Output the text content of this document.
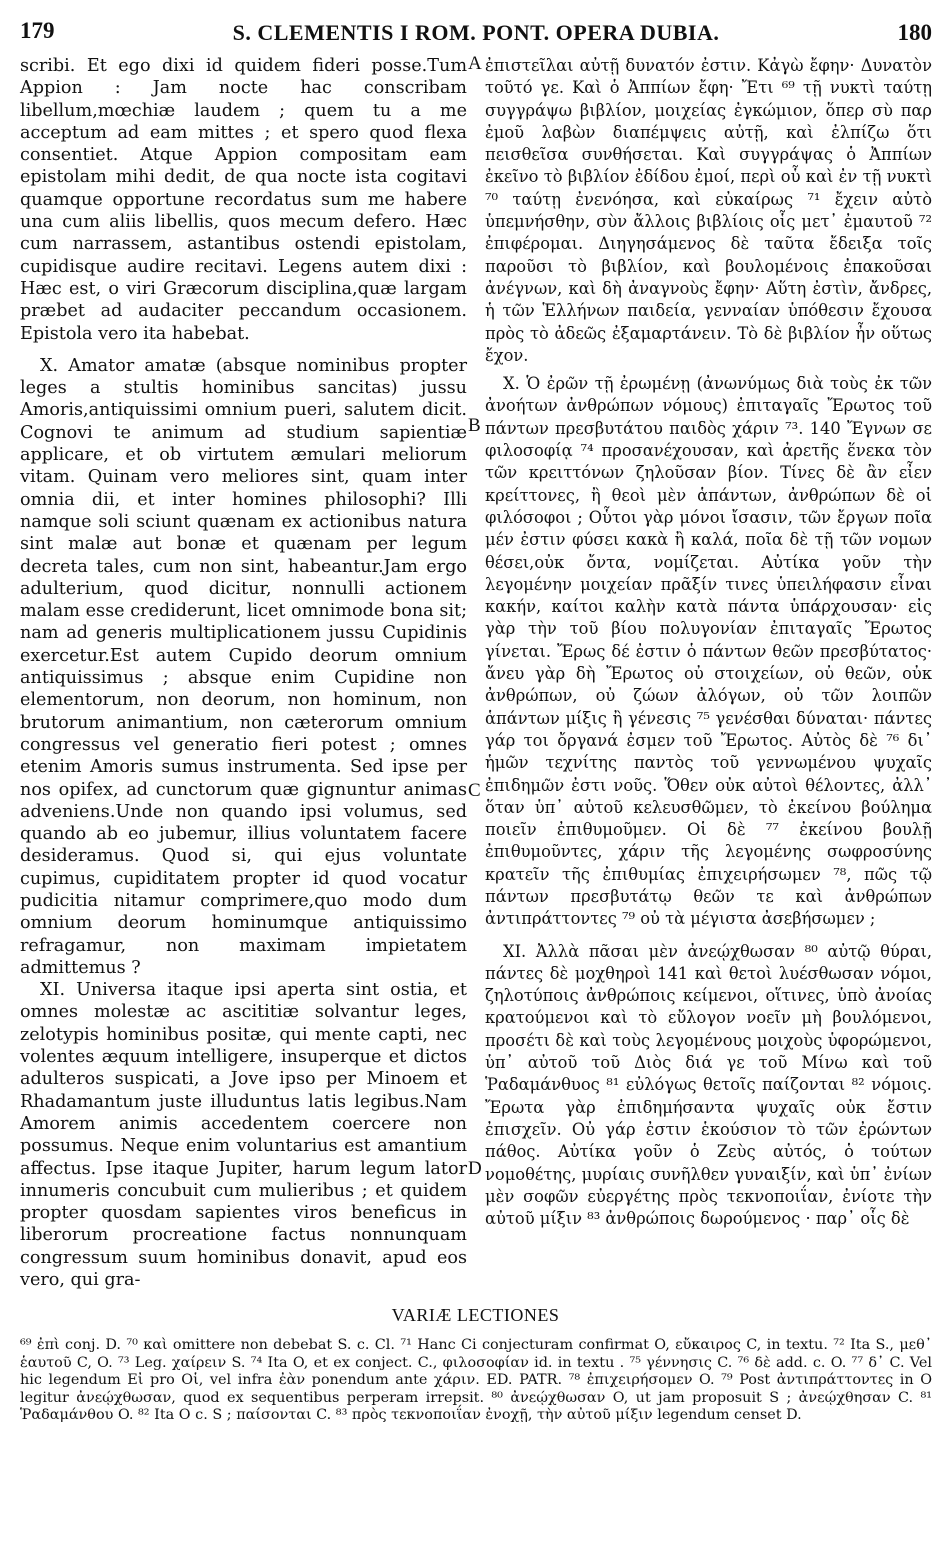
179	S. CLEMENTIS I ROM. PONT. OPERA DUBIA.	180

scribi. Et ego dixi id quidem fideri posse.Tum Appion : Jam nocte hac conscribam libellum,mœchiæ laudem ; quem tu a me acceptum ad eam mittes ; et spero quod flexa consentiet. Atque Appion compositam eam epistolam mihi dedit, de qua nocte ista cogitavi quamque opportune recordatus sum me habere una cum aliis libellis, quos mecum defero. Hæc cum narrassem, astantibus ostendi epistolam, cupidisque audire recitavi. Legens autem dixi : Hæc est, o viri Græcorum disciplina,quæ largam præbet ad audaciter peccandum occasionem. Epistola vero ita habebat.

X. Amator amatæ (absque nominibus propter leges a stultis hominibus sancitas) jussu Amoris,antiquissimi omnium pueri, salutem dicit. Cognovi te animum ad studium sapientiæ applicare, et ob virtutem æmulari meliorum vitam. Quinam vero meliores sint, quam inter omnia dii, et inter homines philosophi? Illi namque soli sciunt quænam ex actionibus natura sint malæ aut bonæ et quænam per legum decreta tales, cum non sint, habeantur.Jam ergo adulterium, quod dicitur, nonnulli actionem malam esse crediderunt, licet omnimode bona sit; nam ad generis multiplicationem jussu Cupidinis exercetur.Est autem Cupido deorum omnium antiquissimus ; absque enim Cupidine non elementorum, non deorum, non hominum, non brutorum animantium, non cæterorum omnium congressus vel generatio fieri potest ; omnes etenim Amoris sumus instrumenta. Sed ipse per nos opifex, ad cunctorum quæ gignuntur animas adveniens.Unde non quando ipsi volumus, sed quando ab eo jubemur, illius voluntatem facere desideramus. Quod si, qui ejus voluntate cupimus, cupiditatem propter id quod vocatur pudicitia nitamur comprimere,quo modo dum omnium deorum hominumque antiquissimo refragamur, non maximam impietatem admittemus ?

XI. Universa itaque ipsi aperta sint ostia, et omnes molestæ ac ascititiæ solvantur leges, zelotypis hominibus positæ, qui mente capti, nec volentes æquum intelligere, insuperque et dictos adulteros suspicati, a Jove ipso per Minoem et Rhadamantum juste illuduntus latis legibus.Nam Amorem animis accedentem coercere non possumus. Neque enim voluntarius est amantium affectus. Ipse itaque Jupiter, harum legum lator innumeris concubuit cum mulieribus ; et quidem propter quosdam sapientes viros beneficus in liberorum procreatione factus nonnunquam congressum suum hominibus donavit, apud eos vero, qui gra-

A
B
C
D

ἐπιστεῖλαι αὐτῇ δυνατόν ἐστιν. Κἀγὼ ἔφην· Δυνατὸν τοῦτό γε. Καὶ ὁ Ἀππίων ἔφη· Ἔτι ⁶⁹ τῇ νυκτὶ ταύτῃ συγγράψω βιβλίον, μοιχείας ἐγκώμιον, ὅπερ σὺ παρ ἐμοῦ λαβὼν διαπέμψεις αὐτῇ, καὶ ἐλπίζω ὅτι πεισθεῖσα συνθήσεται. Καὶ συγγράψας ὁ Ἀππίων ἐκεῖνο τὸ βιβλίον ἐδίδου ἐμοί, περὶ οὗ καὶ ἐν τῇ νυκτὶ ⁷⁰ ταύτῃ ἐνενόησα, καὶ εὐκαίρως ⁷¹ ἔχειν αὐτὸ ὑπεμνήσθην, σὺν ἄλλοις βιβλίοις οἷς μετ᾽ ἐμαυτοῦ ⁷² ἐπιφέρομαι. Διηγησάμενος δὲ ταῦτα ἔδειξα τοῖς παροῦσι τὸ βιβλίον, καὶ βουλομένοις ἐπακοῦσαι ἀνέγνων, καὶ δὴ ἀναγνοὺς ἔφην· Αὕτη ἐστὶν, ἄνδρες, ἡ τῶν Ἑλλήνων παιδεία, γενναίαν ὑπόθεσιν ἔχουσα πρὸς τὸ ἀδεῶς ἐξαμαρτάνειν. Τὸ δὲ βιβλίον ἦν οὕτως ἔχον.

X. Ὁ ἐρῶν τῇ ἐρωμένῃ (ἀνωνύμως διὰ τοὺς ἐκ τῶν ἀνοήτων ἀνθρώπων νόμους) ἐπιταγαῖς Ἔρωτος τοῦ πάντων πρεσβυτάτου παιδὸς χάριν ⁷³. 140 Ἔγνων σε φιλοσοφίᾳ ⁷⁴ προσανέχουσαν, καὶ ἀρετῆς ἕνεκα τὸν τῶν κρειττόνων ζηλοῦσαν βίον. Τίνες δὲ ἂν εἶεν κρείττονες, ἢ θεοὶ μὲν ἁπάντων, ἀνθρώπων δὲ οἱ φιλόσοφοι ; Οὗτοι γὰρ μόνοι ἴσασιν, τῶν ἔργων ποῖα μέν ἐστιν φύσει κακὰ ἢ καλά, ποῖα δὲ τῇ τῶν νομων θέσει,οὐκ ὄντα, νομίζεται. Αὐτίκα γοῦν τὴν λεγομένην μοιχείαν πρᾶξίν τινες ὑπειλήφασιν εἶναι κακήν, καίτοι καλὴν κατὰ πάντα ὑπάρχουσαν· εἰς γὰρ τὴν τοῦ βίου πολυγονίαν ἐπιταγαῖς Ἔρωτος γίνεται. Ἔρως δέ ἐστιν ὁ πάντων θεῶν πρεσβύτατος· ἄνευ γὰρ δὴ Ἔρωτος οὐ στοιχείων, οὐ θεῶν, οὐκ ἀνθρώπων, οὐ ζώων ἀλόγων, οὐ τῶν λοιπῶν ἁπάντων μίξις ἢ γένεσις ⁷⁵ γενέσθαι δύναται· πάντες γάρ τοι ὄργανά ἐσμεν τοῦ Ἔρωτος. Αὐτὸς δὲ ⁷⁶ δι᾽ ἡμῶν τεχνίτης παντὸς τοῦ γεννωμένου ψυχαῖς ἐπιδημῶν ἐστι νοῦς. Ὅθεν οὐκ αὐτοὶ θέλοντες, ἀλλ᾽ ὅταν ὑπ᾽ αὐτοῦ κελευσθῶμεν, τὸ ἐκείνου βούλημα ποιεῖν ἐπιθυμοῦμεν. Οἱ δὲ ⁷⁷ ἐκείνου βουλῇ ἐπιθυμοῦντες, χάριν τῆς λεγομένης σωφροσύνης κρατεῖν τῆς ἐπιθυμίας ἐπιχειρήσωμεν ⁷⁸, πῶς τῷ πάντων πρεσβυτάτῳ θεῶν τε καὶ ἀνθρώπων ἀντιπράττοντες ⁷⁹ οὐ τὰ μέγιστα ἀσεβήσωμεν ;

XI. Ἀλλὰ πᾶσαι μὲν ἀνεῴχθωσαν ⁸⁰ αὐτῷ θύραι, πάντες δὲ μοχθηροὶ 141 καὶ θετοὶ λυέσθωσαν νόμοι, ζηλοτύποις ἀνθρώποις κείμενοι, οἵτινες, ὑπὸ ἀνοίας κρατούμενοι καὶ τὸ εὔλογον νοεῖν μὴ βουλόμενοι, προσέτι δὲ καὶ τοὺς λεγομένους μοιχοὺς ὑφορώμενοι, ὑπ᾽ αὐτοῦ τοῦ Διὸς διά γε τοῦ Μίνω καὶ τοῦ Ῥαδαμάνθυος ⁸¹ εὐλόγως θετοῖς παίζονται ⁸² νόμοις. Ἔρωτα γὰρ ἐπιδημήσαντα ψυχαῖς οὐκ ἔστιν ἐπισχεῖν. Οὐ γάρ ἐστιν ἑκούσιον τὸ τῶν ἐρώντων πάθος. Αὐτίκα γοῦν ὁ Ζεὺς αὐτός, ὁ τούτων νομοθέτης, μυρίαις συνῆλθεν γυναιξίν, καὶ ὑπ᾽ ἐνίων μὲν σοφῶν εὐεργέτης πρὸς τεκνοποιΐαν, ἐνίοτε τὴν αὐτοῦ μίξιν ⁸³ ἀνθρώποις δωρούμενος · παρ᾽ οἷς δὲ

VARIÆ LECTIONES

⁶⁹ ἐπὶ conj. D. ⁷⁰ καὶ omittere non debebat S. c. Cl. ⁷¹ Hanc Ci conjecturam confirmat O, εὔκαιρος C, in textu. ⁷² Ita S., μεθ᾽ ἑαυτοῦ C, O. ⁷³ Leg. χαίρειν S. ⁷⁴ Ita O, et ex conject. C., φιλοσοφίαν id. in textu . ⁷⁵ γέννησις C. ⁷⁶ δὲ add. c. O. ⁷⁷ δ᾽ C. Vel hic legendum Εἰ pro Οἱ, vel infra ἐὰν ponendum ante χάριν. ED. PATR. ⁷⁸ ἐπιχειρήσομεν O. ⁷⁹ Post ἀντιπράττοντες in O legitur ἀνεῴχθωσαν, quod ex sequentibus perperam irrepsit. ⁸⁰ ἀνεῴχθωσαν O, ut jam proposuit S ; ἀνεῴχθησαν C. ⁸¹ Ῥαδαμάνθου O. ⁸² Ita O c. S ; παίσονται C. ⁸³ πρὸς τεκνοποιΐαν ἐνοχῇ, τὴν αὐτοῦ μίξιν legendum censet D.
